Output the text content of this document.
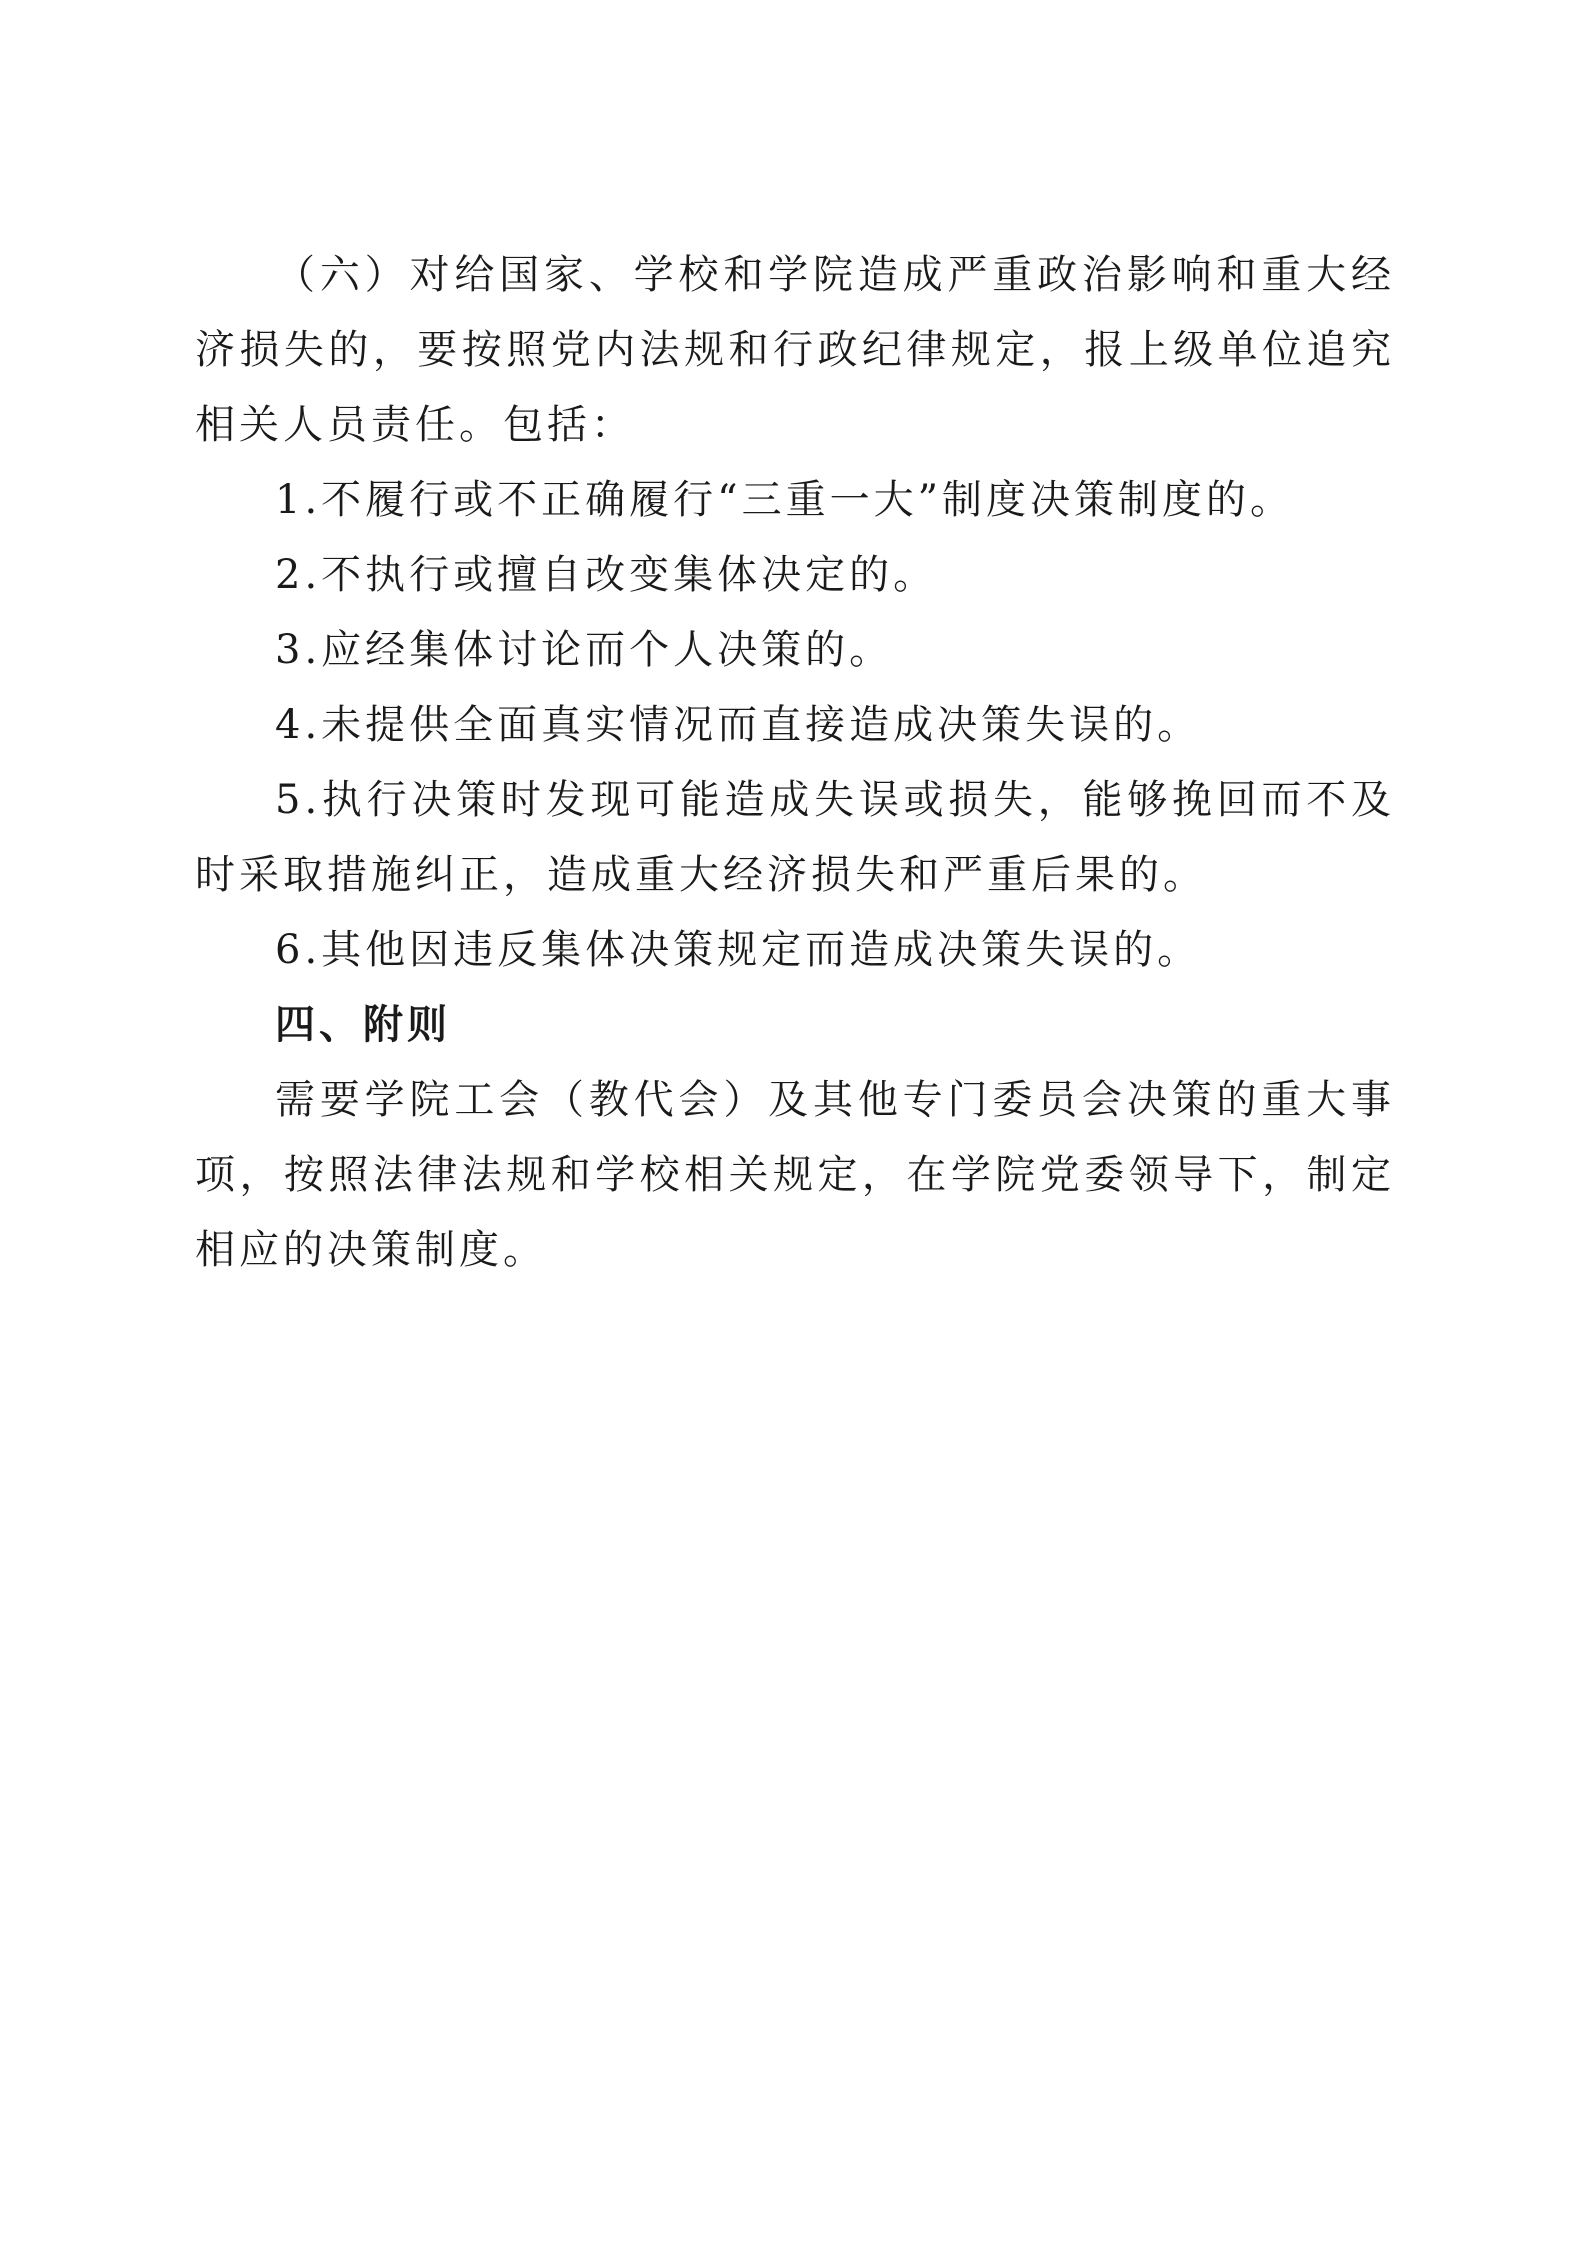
（六）对给国家、学校和学院造成严重政治影响和重大经济损失的，要按照党内法规和行政纪律规定，报上级单位追究相关人员责任。包括：

1.不履行或不正确履行“三重一大”制度决策制度的。

2.不执行或擅自改变集体决定的。

3.应经集体讨论而个人决策的。

4.未提供全面真实情况而直接造成决策失误的。

5.执行决策时发现可能造成失误或损失，能够挽回而不及时采取措施纠正，造成重大经济损失和严重后果的。

6.其他因违反集体决策规定而造成决策失误的。

四、附则

需要学院工会（教代会）及其他专门委员会决策的重大事项，按照法律法规和学校相关规定，在学院党委领导下，制定相应的决策制度。
